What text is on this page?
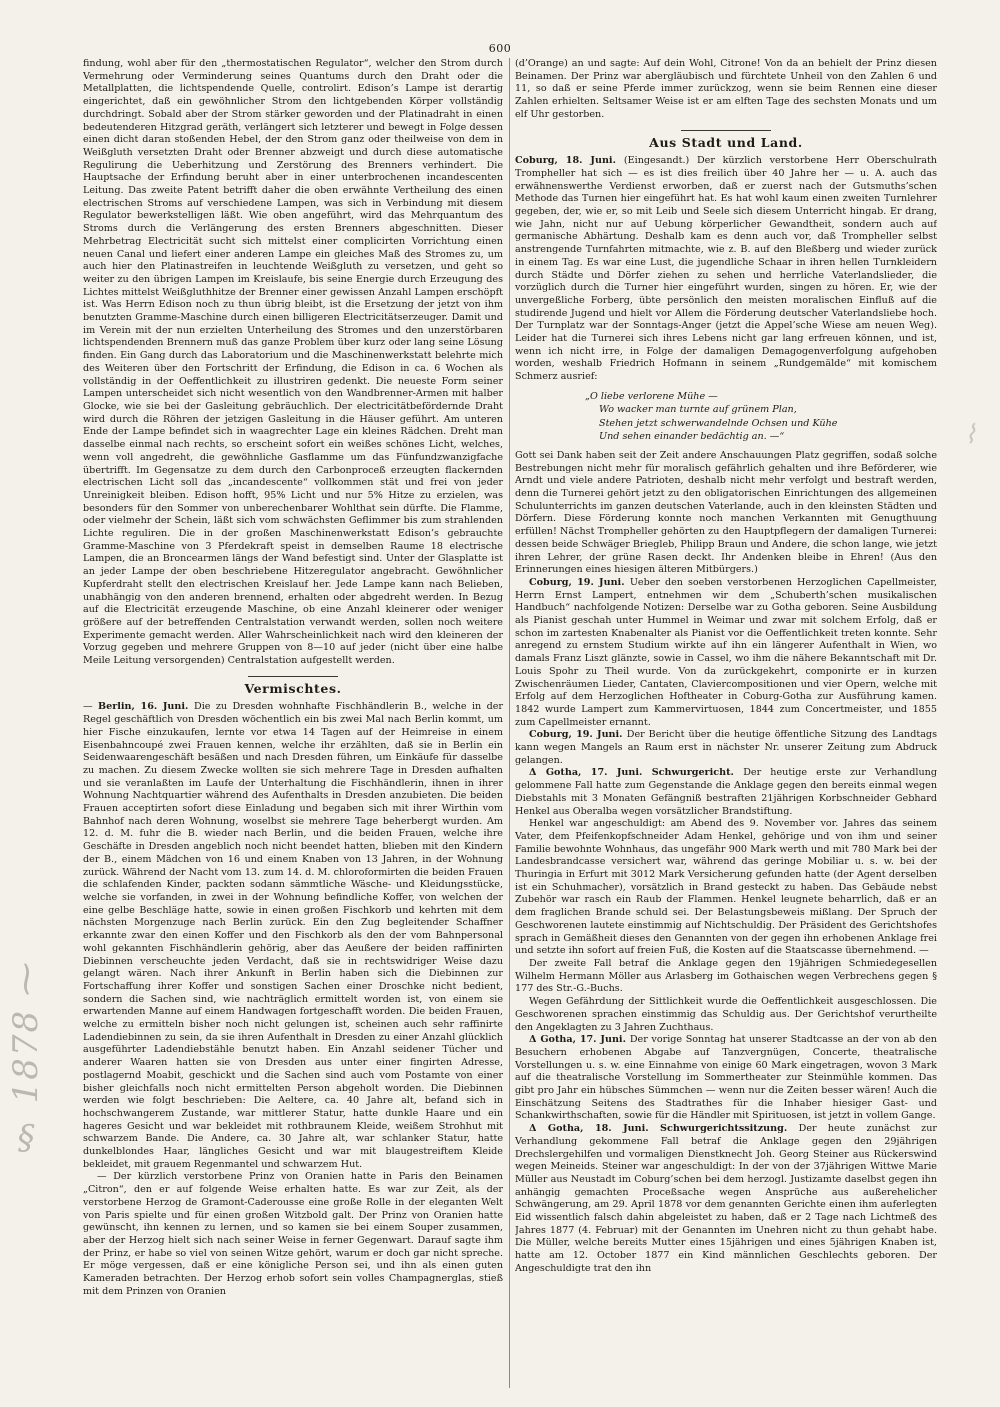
600

findung, wohl aber für den „thermostatischen Regulator“, welcher den Strom durch Vermehrung oder Verminderung seines Quantums durch den Draht oder die Metallplatten, die lichtspendende Quelle, controlirt. Edison’s Lampe ist derartig eingerichtet, daß ein gewöhnlicher Strom den lichtgebenden Körper vollständig durchdringt. Sobald aber der Strom stärker geworden und der Platinadraht in einen bedeutenderen Hitzgrad geräth, verlängert sich letzterer und bewegt in Folge dessen einen dicht daran stoßenden Hebel, der den Strom ganz oder theilweise von dem in Weißgluth versetzten Draht oder Brenner abzweigt und durch diese automatische Regulirung die Ueberhitzung und Zerstörung des Brenners verhindert. Die Hauptsache der Erfindung beruht aber in einer unterbrochenen incandescenten Leitung. Das zweite Patent betrifft daher die oben erwähnte Vertheilung des einen electrischen Stroms auf verschiedene Lampen, was sich in Verbindung mit diesem Regulator bewerkstelligen läßt. Wie oben angeführt, wird das Mehrquantum des Stroms durch die Verlängerung des ersten Brenners abgeschnitten. Dieser Mehrbetrag Electricität sucht sich mittelst einer complicirten Vorrichtung einen neuen Canal und liefert einer anderen Lampe ein gleiches Maß des Stromes zu, um auch hier den Platinastreifen in leuchtende Weißgluth zu versetzen, und geht so weiter zu den übrigen Lampen im Kreislaufe, bis seine Energie durch Erzeugung des Lichtes mittelst Weißgluthhitze der Brenner einer gewissen Anzahl Lampen erschöpft ist. Was Herrn Edison noch zu thun übrig bleibt, ist die Ersetzung der jetzt von ihm benutzten Gramme-Maschine durch einen billigeren Electricitätserzeuger. Damit und im Verein mit der nun erzielten Unterheilung des Stromes und den unzerstörbaren lichtspendenden Brennern muß das ganze Problem über kurz oder lang seine Lösung finden. Ein Gang durch das Laboratorium und die Maschinenwerkstatt belehrte mich des Weiteren über den Fortschritt der Erfindung, die Edison in ca. 6 Wochen als vollständig in der Oeffentlichkeit zu illustriren gedenkt. Die neueste Form seiner Lampen unterscheidet sich nicht wesentlich von den Wandbrenner-Armen mit halber Glocke, wie sie bei der Gasleitung gebräuchlich. Der electricitätbefördernde Draht wird durch die Röhren der jetzigen Gasleitung in die Häuser geführt. Am unteren Ende der Lampe befindet sich in waagrechter Lage ein kleines Rädchen. Dreht man dasselbe einmal nach rechts, so erscheint sofort ein weißes schönes Licht, welches, wenn voll angedreht, die gewöhnliche Gasflamme um das Fünfundzwanzigfache übertrifft. Im Gegensatze zu dem durch den Carbonproceß erzeugten flackernden electrischen Licht soll das „incandescente“ vollkommen stät und frei von jeder Unreinigkeit bleiben. Edison hofft, 95% Licht und nur 5% Hitze zu erzielen, was besonders für den Sommer von unberechenbarer Wohlthat sein dürfte. Die Flamme, oder vielmehr der Schein, läßt sich vom schwächsten Geflimmer bis zum strahlenden Lichte reguliren. Die in der großen Maschinenwerkstatt Edison’s gebrauchte Gramme-Maschine von 3 Pferdekraft speist in demselben Raume 18 electrische Lampen, die an Broncearmen längs der Wand befestigt sind. Unter der Glasplatte ist an jeder Lampe der oben beschriebene Hitzeregulator angebracht. Gewöhnlicher Kupferdraht stellt den electrischen Kreislauf her. Jede Lampe kann nach Belieben, unabhängig von den anderen brennend, erhalten oder abgedreht werden. In Bezug auf die Electricität erzeugende Maschine, ob eine Anzahl kleinerer oder weniger größere auf der betreffenden Centralstation verwandt werden, sollen noch weitere Experimente gemacht werden. Aller Wahrscheinlichkeit nach wird den kleineren der Vorzug gegeben und mehrere Gruppen von 8—10 auf jeder (nicht über eine halbe Meile Leitung versorgenden) Centralstation aufgestellt werden.

Vermischtes.

— Berlin, 16. Juni. Die zu Dresden wohnhafte Fischhändlerin B., welche in der Regel geschäftlich von Dresden wöchentlich ein bis zwei Mal nach Berlin kommt, um hier Fische einzukaufen, lernte vor etwa 14 Tagen auf der Heimreise in einem Eisenbahncoupé zwei Frauen kennen, welche ihr erzählten, daß sie in Berlin ein Seidenwaarengeschäft besäßen und nach Dresden führen, um Einkäufe für dasselbe zu machen. Zu diesem Zwecke wollten sie sich mehrere Tage in Dresden aufhalten und sie veranlaßten im Laufe der Unterhaltung die Fischhändlerin, ihnen in ihrer Wohnung Nachtquartier während des Aufenthalts in Dresden anzubieten. Die beiden Frauen acceptirten sofort diese Einladung und begaben sich mit ihrer Wirthin vom Bahnhof nach deren Wohnung, woselbst sie mehrere Tage beherbergt wurden. Am 12. d. M. fuhr die B. wieder nach Berlin, und die beiden Frauen, welche ihre Geschäfte in Dresden angeblich noch nicht beendet hatten, blieben mit den Kindern der B., einem Mädchen von 16 und einem Knaben von 13 Jahren, in der Wohnung zurück. Während der Nacht vom 13. zum 14. d. M. chloroformirten die beiden Frauen die schlafenden Kinder, packten sodann sämmtliche Wäsche- und Kleidungsstücke, welche sie vorfanden, in zwei in der Wohnung befindliche Koffer, von welchen der eine gelbe Beschläge hatte, sowie in einen großen Fischkorb und kehrten mit dem nächsten Morgenzuge nach Berlin zurück. Ein den Zug begleitender Schaffner erkannte zwar den einen Koffer und den Fischkorb als den der vom Bahnpersonal wohl gekannten Fischhändlerin gehörig, aber das Aeußere der beiden raffinirten Diebinnen verscheuchte jeden Verdacht, daß sie in rechtswidriger Weise dazu gelangt wären. Nach ihrer Ankunft in Berlin haben sich die Diebinnen zur Fortschaffung ihrer Koffer und sonstigen Sachen einer Droschke nicht bedient, sondern die Sachen sind, wie nachträglich ermittelt worden ist, von einem sie erwartenden Manne auf einem Handwagen fortgeschafft worden. Die beiden Frauen, welche zu ermitteln bisher noch nicht gelungen ist, scheinen auch sehr raffinirte Ladendiebinnen zu sein, da sie ihren Aufenthalt in Dresden zu einer Anzahl glücklich ausgeführter Ladendiebstähle benutzt haben. Ein Anzahl seidener Tücher und anderer Waaren hatten sie von Dresden aus unter einer fingirten Adresse, postlagernd Moabit, geschickt und die Sachen sind auch vom Postamte von einer bisher gleichfalls noch nicht ermittelten Person abgeholt worden. Die Diebinnen werden wie folgt beschrieben: Die Aeltere, ca. 40 Jahre alt, befand sich in hochschwangerem Zustande, war mittlerer Statur, hatte dunkle Haare und ein hageres Gesicht und war bekleidet mit rothbraunem Kleide, weißem Strohhut mit schwarzem Bande. Die Andere, ca. 30 Jahre alt, war schlanker Statur, hatte dunkelblondes Haar, längliches Gesicht und war mit blaugestreiftem Kleide bekleidet, mit grauem Regenmantel und schwarzem Hut.

— Der kürzlich verstorbene Prinz von Oranien hatte in Paris den Beinamen „Citron“, den er auf folgende Weise erhalten hatte. Es war zur Zeit, als der verstorbene Herzog de Gramont-Caderousse eine große Rolle in der eleganten Welt von Paris spielte und für einen großen Witzbold galt. Der Prinz von Oranien hatte gewünscht, ihn kennen zu lernen, und so kamen sie bei einem Souper zusammen, aber der Herzog hielt sich nach seiner Weise in ferner Gegenwart. Darauf sagte ihm der Prinz, er habe so viel von seinen Witze gehört, warum er doch gar nicht spreche. Er möge vergessen, daß er eine königliche Person sei, und ihn als einen guten Kameraden betrachten. Der Herzog erhob sofort sein volles Champagnerglas, stieß mit dem Prinzen von Oranien

(d’Orange) an und sagte: Auf dein Wohl, Citrone! Von da an behielt der Prinz diesen Beinamen. Der Prinz war abergläubisch und fürchtete Unheil von den Zahlen 6 und 11, so daß er seine Pferde immer zurückzog, wenn sie beim Rennen eine dieser Zahlen erhielten. Seltsamer Weise ist er am elften Tage des sechsten Monats und um elf Uhr gestorben.

Aus Stadt und Land.

Coburg, 18. Juni. (Eingesandt.) Der kürzlich verstorbene Herr Oberschulrath Trompheller hat sich — es ist dies freilich über 40 Jahre her — u. A. auch das erwähnenswerthe Verdienst erworben, daß er zuerst nach der Gutsmuths’schen Methode das Turnen hier eingeführt hat. Es hat wohl kaum einen zweiten Turnlehrer gegeben, der, wie er, so mit Leib und Seele sich diesem Unterricht hingab. Er drang, wie Jahn, nicht nur auf Uebung körperlicher Gewandtheit, sondern auch auf germanische Abhärtung. Deshalb kam es denn auch vor, daß Trompheller selbst anstrengende Turnfahrten mitmachte, wie z. B. auf den Bleßberg und wieder zurück in einem Tag. Es war eine Lust, die jugendliche Schaar in ihren hellen Turnkleidern durch Städte und Dörfer ziehen zu sehen und herrliche Vaterlandslieder, die vorzüglich durch die Turner hier eingeführt wurden, singen zu hören. Er, wie der unvergeßliche Forberg, übte persönlich den meisten moralischen Einfluß auf die studirende Jugend und hielt vor Allem die Förderung deutscher Vaterlandsliebe hoch. Der Turnplatz war der Sonntags-Anger (jetzt die Appel’sche Wiese am neuen Weg). Leider hat die Turnerei sich ihres Lebens nicht gar lang erfreuen können, und ist, wenn ich nicht irre, in Folge der damaligen Demagogenverfolgung aufgehoben worden, weshalb Friedrich Hofmann in seinem „Rundgemälde“ mit komischem Schmerz ausrief:

„O liebe verlorene Mühe —
Wo wacker man turnte auf grünem Plan,
Stehen jetzt schwerwandelnde Ochsen und Kühe
Und sehen einander bedächtig an. —“

Gott sei Dank haben seit der Zeit andere Anschauungen Platz gegriffen, sodaß solche Bestrebungen nicht mehr für moralisch gefährlich gehalten und ihre Beförderer, wie Arndt und viele andere Patrioten, deshalb nicht mehr verfolgt und bestraft werden, denn die Turnerei gehört jetzt zu den obligatorischen Einrichtungen des allgemeinen Schulunterrichts im ganzen deutschen Vaterlande, auch in den kleinsten Städten und Dörfern. Diese Förderung konnte noch manchen Verkannten mit Genugthuung erfüllen! Nächst Trompheller gehörten zu den Hauptpflegern der damaligen Turnerei: dessen beide Schwäger Briegleb, Philipp Braun und Andere, die schon lange, wie jetzt ihren Lehrer, der grüne Rasen deckt. Ihr Andenken bleibe in Ehren! (Aus den Erinnerungen eines hiesigen älteren Mitbürgers.)

Coburg, 19. Juni. Ueber den soeben verstorbenen Herzoglichen Capellmeister, Herrn Ernst Lampert, entnehmen wir dem „Schuberth’schen musikalischen Handbuch“ nachfolgende Notizen: Derselbe war zu Gotha geboren. Seine Ausbildung als Pianist geschah unter Hummel in Weimar und zwar mit solchem Erfolg, daß er schon im zartesten Knabenalter als Pianist vor die Oeffentlichkeit treten konnte. Sehr anregend zu ernstem Studium wirkte auf ihn ein längerer Aufenthalt in Wien, wo damals Franz Liszt glänzte, sowie in Cassel, wo ihm die nähere Bekanntschaft mit Dr. Louis Spohr zu Theil wurde. Von da zurückgekehrt, componirte er in kurzen Zwischenräumen Lieder, Cantaten, Claviercompositionen und vier Opern, welche mit Erfolg auf dem Herzoglichen Hoftheater in Coburg-Gotha zur Ausführung kamen. 1842 wurde Lampert zum Kammervirtuosen, 1844 zum Concertmeister, und 1855 zum Capellmeister ernannt.

Coburg, 19. Juni. Der Bericht über die heutige öffentliche Sitzung des Landtags kann wegen Mangels an Raum erst in nächster Nr. unserer Zeitung zum Abdruck gelangen.

Δ Gotha, 17. Juni. Schwurgericht. Der heutige erste zur Verhandlung gelommene Fall hatte zum Gegenstande die Anklage gegen den bereits einmal wegen Diebstahls mit 3 Monaten Gefängniß bestraften 21jährigen Korbschneider Gebhard Henkel aus Oberalba wegen vorsätzlicher Brandstiftung.

Henkel war angeschuldigt: am Abend des 9. November vor. Jahres das seinem Vater, dem Pfeifenkopfschneider Adam Henkel, gehörige und von ihm und seiner Familie bewohnte Wohnhaus, das ungefähr 900 Mark werth und mit 780 Mark bei der Landesbrandcasse versichert war, während das geringe Mobiliar u. s. w. bei der Thuringia in Erfurt mit 3012 Mark Versicherung gefunden hatte (der Agent derselben ist ein Schuhmacher), vorsätzlich in Brand gesteckt zu haben. Das Gebäude nebst Zubehör war rasch ein Raub der Flammen. Henkel leugnete beharrlich, daß er an dem fraglichen Brande schuld sei. Der Belastungsbeweis mißlang. Der Spruch der Geschworenen lautete einstimmig auf Nichtschuldig. Der Präsident des Gerichtshofes sprach in Gemäßheit dieses den Genannten von der gegen ihn erhobenen Anklage frei und setzte ihn sofort auf freien Fuß, die Kosten auf die Staatscasse übernehmend. —

Der zweite Fall betraf die Anklage gegen den 19jährigen Schmiedegesellen Wilhelm Hermann Möller aus Arlasberg im Gothaischen wegen Verbrechens gegen § 177 des Str.-G.-Buchs.

Wegen Gefährdung der Sittlichkeit wurde die Oeffentlichkeit ausgeschlossen. Die Geschworenen sprachen einstimmig das Schuldig aus. Der Gerichtshof verurtheilte den Angeklagten zu 3 Jahren Zuchthaus.

Δ Gotha, 17. Juni. Der vorige Sonntag hat unserer Stadtcasse an der von ab den Besuchern erhobenen Abgabe auf Tanzvergnügen, Concerte, theatralische Vorstellungen u. s. w. eine Einnahme von einige 60 Mark eingetragen, wovon 3 Mark auf die theatralische Vorstellung im Sommertheater zur Steinmühle kommen. Das gibt pro Jahr ein hübsches Sümmchen — wenn nur die Zeiten besser wären! Auch die Einschätzung Seitens des Stadtrathes für die Inhaber hiesiger Gast- und Schankwirthschaften, sowie für die Händler mit Spirituosen, ist jetzt in vollem Gange.

Δ Gotha, 18. Juni. Schwurgerichtssitzung. Der heute zunächst zur Verhandlung gekommene Fall betraf die Anklage gegen den 29jährigen Drechslergehilfen und vormaligen Dienstknecht Joh. Georg Steiner aus Rückerswind wegen Meineids. Steiner war angeschuldigt: In der von der 37jährigen Wittwe Marie Müller aus Neustadt im Coburg’schen bei dem herzogl. Justizamte daselbst gegen ihn anhängig gemachten Proceßsache wegen Ansprüche aus außerehelicher Schwängerung, am 29. April 1878 vor dem genannten Gerichte einen ihm auferlegten Eid wissentlich falsch dahin abgeleistet zu haben, daß er 2 Tage nach Lichtmeß des Jahres 1877 (4. Februar) mit der Genannten im Unehren nicht zu thun gehabt habe. Die Müller, welche bereits Mutter eines 15jährigen und eines 5jährigen Knaben ist, hatte am 12. October 1877 ein Kind männlichen Geschlechts geboren. Der Angeschuldigte trat den ihn

§ 1878 ⁓
⌇
